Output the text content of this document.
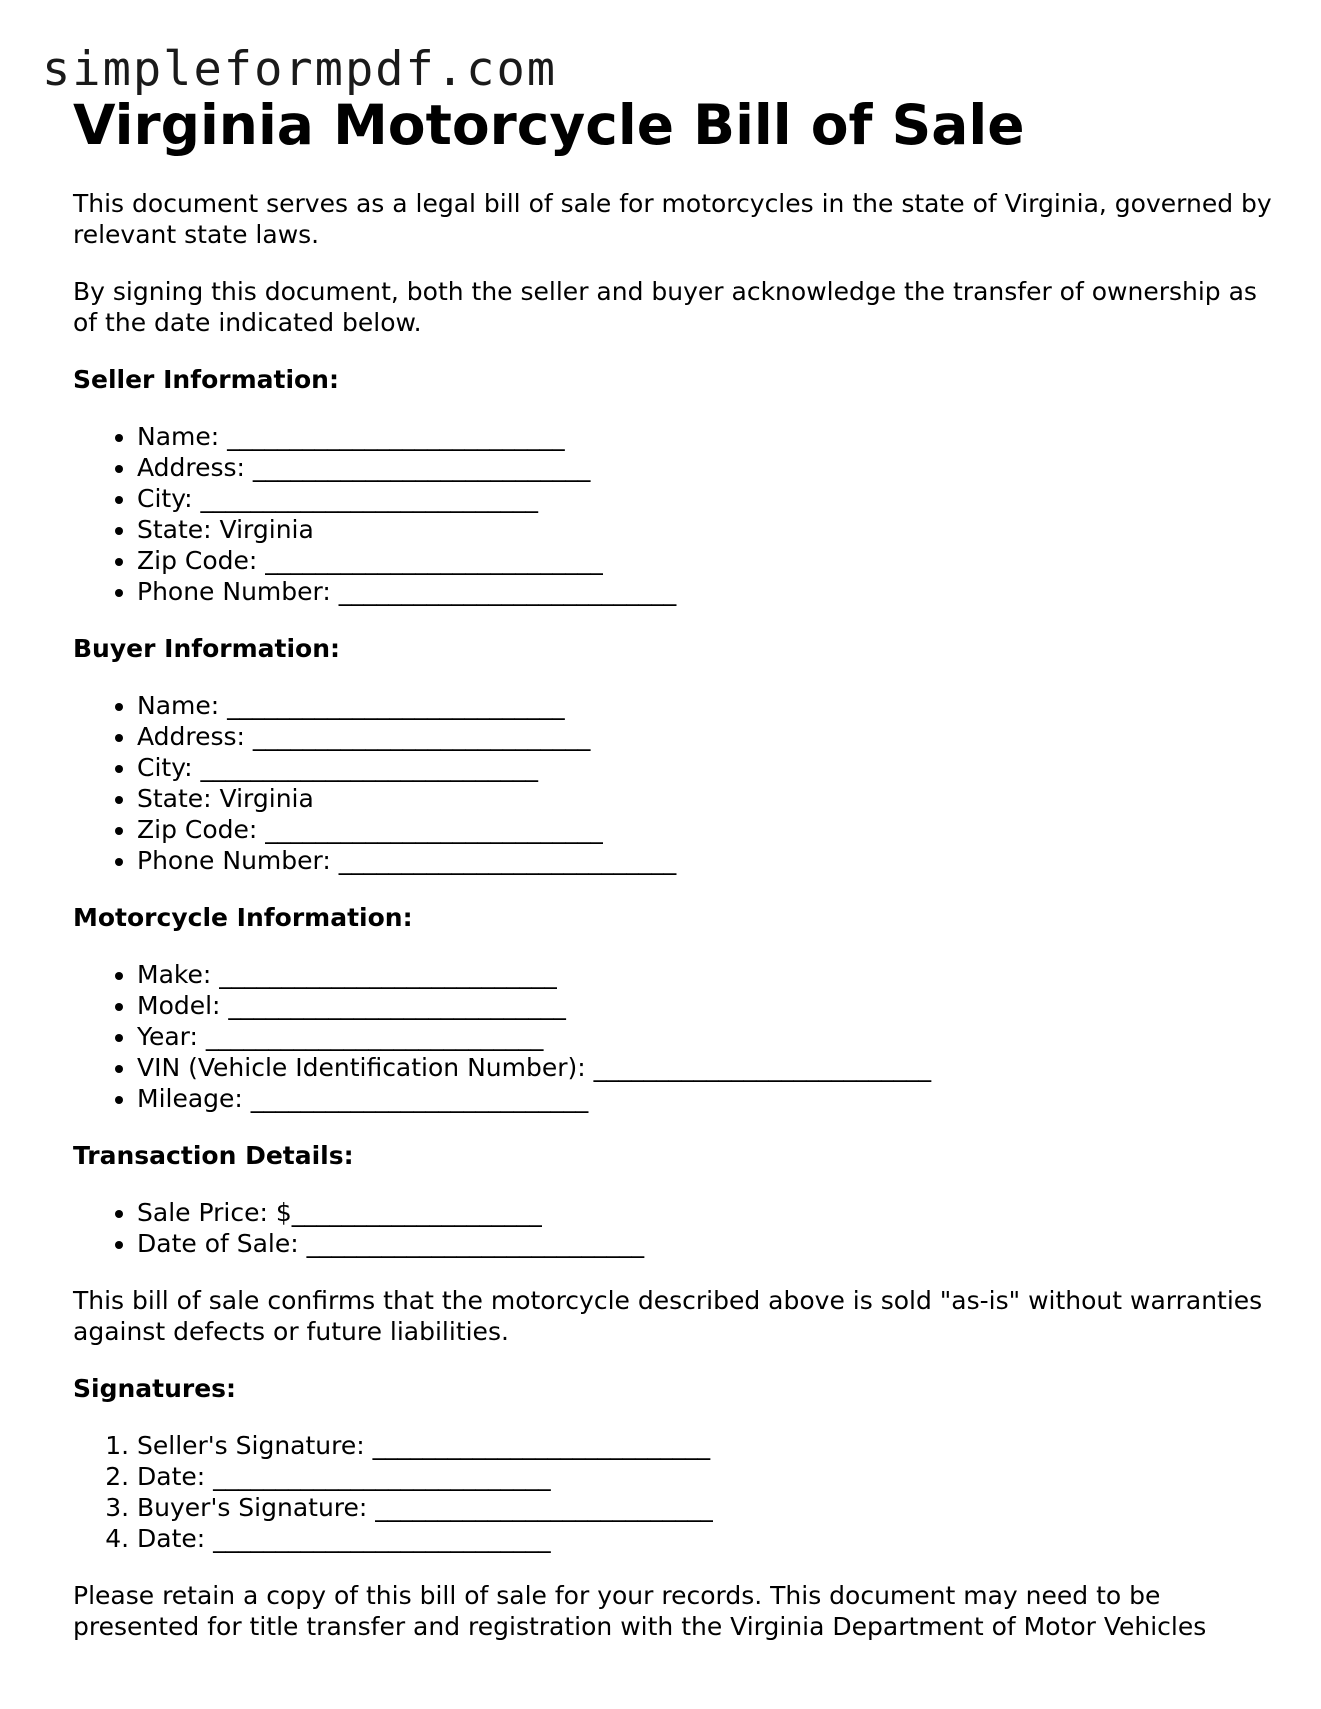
simpleformpdf.com
Virginia Motorcycle Bill of Sale

This document serves as a legal bill of sale for motorcycles in the state of Virginia, governed by relevant state laws.

By signing this document, both the seller and buyer acknowledge the transfer of ownership as of the date indicated below.

Seller Information:
• Name: ___________________________
• Address: ___________________________
• City: ___________________________
• State: Virginia
• Zip Code: ___________________________
• Phone Number: ___________________________
Buyer Information:
• Name: ___________________________
• Address: ___________________________
• City: ___________________________
• State: Virginia
• Zip Code: ___________________________
• Phone Number: ___________________________
Motorcycle Information:
• Make: ___________________________
• Model: ___________________________
• Year: ___________________________
• VIN (Vehicle Identification Number): ___________________________
• Mileage: ___________________________
Transaction Details:
• Sale Price: $____________________
• Date of Sale: ___________________________

This bill of sale confirms that the motorcycle described above is sold "as-is" without warranties against defects or future liabilities.

Signatures:
1. Seller's Signature: ___________________________
2. Date: ___________________________
3. Buyer's Signature: ___________________________
4. Date: ___________________________

Please retain a copy of this bill of sale for your records. This document may need to be presented for title transfer and registration with the Virginia Department of Motor Vehicles
